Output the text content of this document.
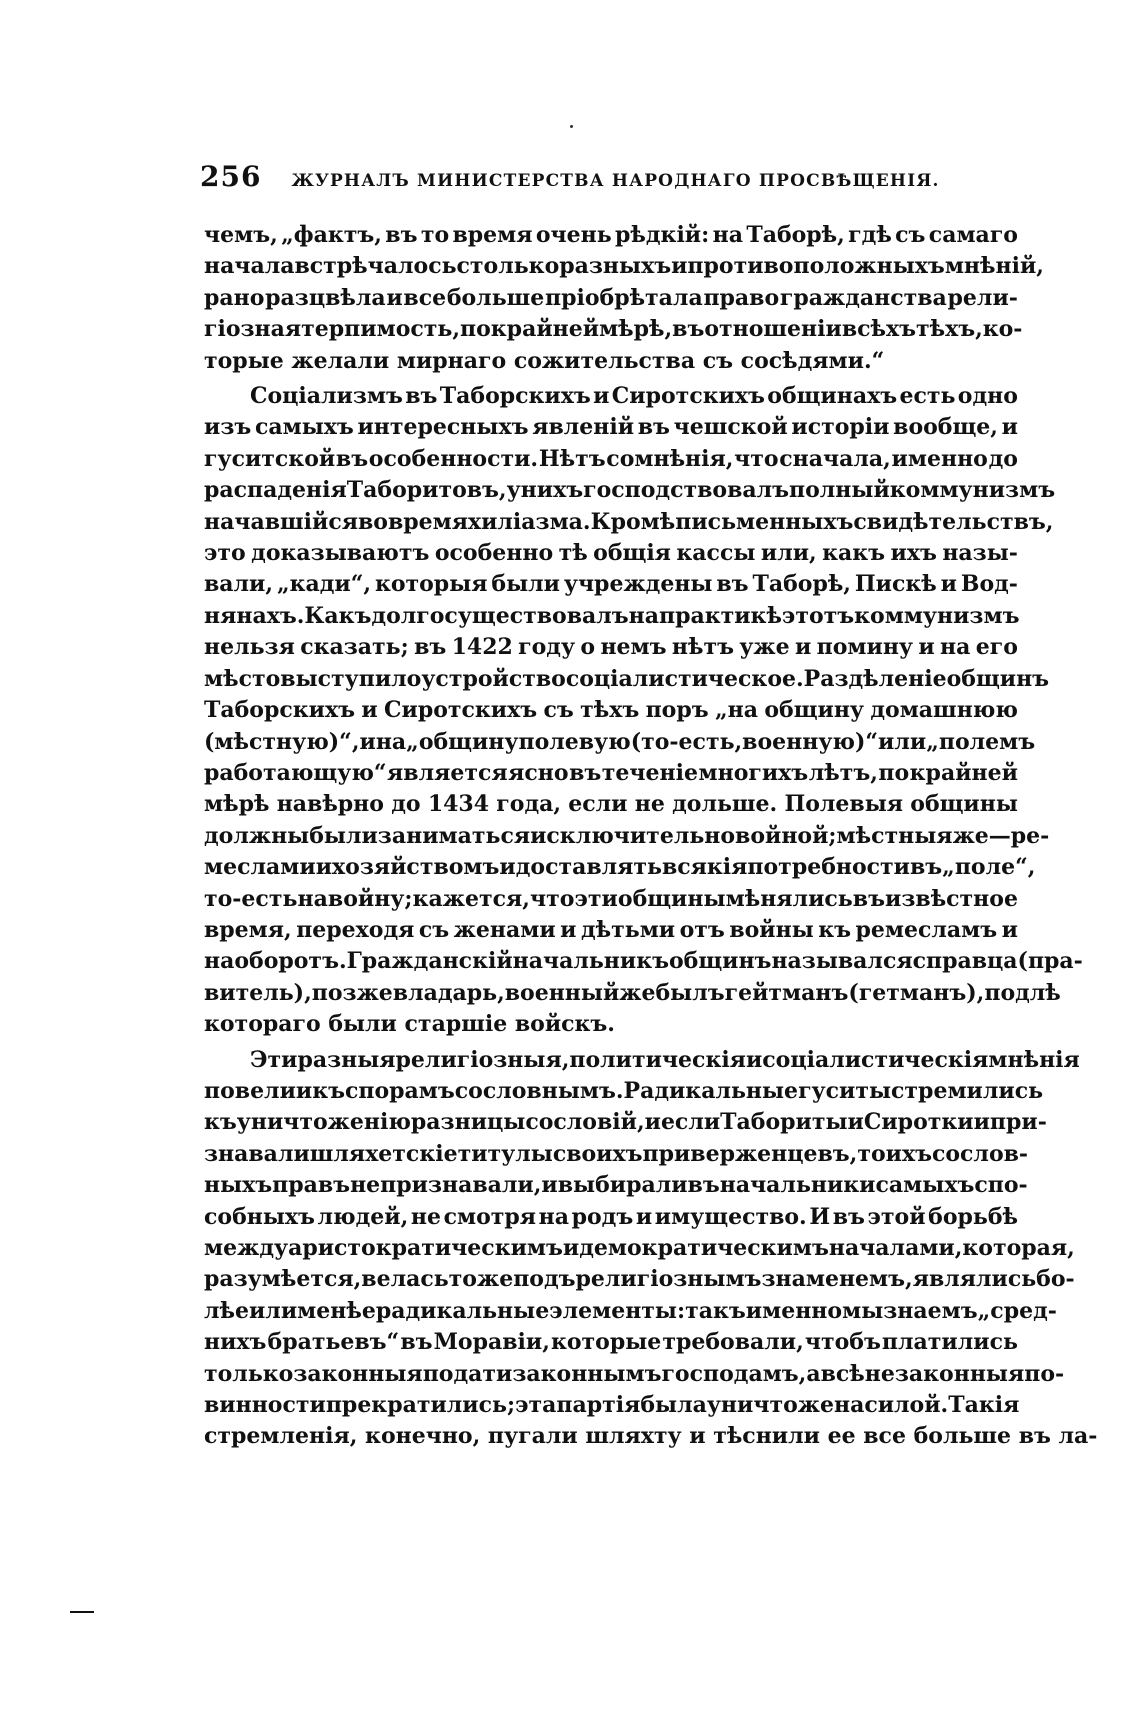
256 ЖУРНАЛЪ МИНИСТЕРСТВА НАРОДНАГО ПРОСВѢЩЕНІЯ.
чемъ, „фактъ, въ то время очень рѣдкій: на Таборѣ, гдѣ съ самаго
начала встрѣчалось столько разныхъ и противоположныхъ мнѣній,
рано разцвѣла и все больше пріобрѣтала право гражданства рели-
гіозная терпимость, по крайней мѣрѣ, въ отношеніи всѣхъ тѣхъ, ко-
торые желали мирнаго сожительства съ сосѣдями.“
Соціализмъ въ Таборскихъ и Сиротскихъ общинахъ есть одно
изъ самыхъ интересныхъ явленій въ чешской исторіи вообще, и
гуситской въ особенности. Нѣтъ сомнѣнія, что сначала, именно до
распаденія Таборитовъ, у нихъ господствовалъ полный коммунизмъ
начавшійся во время хиліазма. Кромѣ письменныхъ свидѣтельствъ,
это доказываютъ особенно тѣ общія кассы или, какъ ихъ назы-
вали, „кади“, которыя были учреждены въ Таборѣ, Пискѣ и Вод-
нянахъ. Какъ долго существовалъ на практикѣ этотъ коммунизмъ
нельзя сказать; въ 1422 году о немъ нѣтъ уже и помину и на его
мѣсто выступило устройство соціалистическое. Раздѣленіе общинъ
Таборскихъ и Сиротскихъ съ тѣхъ поръ „на общину домашнюю
(мѣстную)“, и на „общину полевую (то-есть, военную)“ или „полемъ
работающую“ является ясно въ теченіе многихъ лѣтъ, по крайней
мѣрѣ навѣрно до 1434 года, если не дольше. Полевыя общины
должны были заниматься исключительно войной; мѣстныя же — ре-
меслами и хозяйствомъ и доставлять всякія потребности въ „поле“,
то-есть на войну; кажется, что эти общины мѣнялись въ извѣстное
время, переходя съ женами и дѣтьми отъ войны къ ремесламъ и
наоборотъ. Гражданскій начальникъ общинъ назывался справца (пра-
витель), позже владарь, военный же былъ гейтманъ (гетманъ), подлѣ
котораго были старшіе войскъ.
Эти разныя религіозныя, политическія и соціалистическія мнѣнія
повели и къ спорамъ сословнымъ. Радикальные гуситы стремились
къ уничтоженію разницы сословій, и если Табориты и Сиротки и при-
знавали шляхетскіе титулы своихъ приверженцевъ, то ихъ сослов-
ныхъ правъ не признавали, и выбирали въ начальники самыхъ спо-
собныхъ людей, не смотря на родъ и имущество. И въ этой борьбѣ
между аристократическимъ и демократическимъ началами, которая,
разумѣется, велась тоже подъ религіознымъ знаменемъ, являлись бо-
лѣе или менѣе радикальные элементы: такъ именно мы знаемъ „сред-
нихъ братьевъ“ въ Моравіи, которые требовали, чтобъ платились
только законныя подати законнымъ господамъ, а всѣ незаконныя по-
винности прекратились; эта партія была уничтожена силой. Такія
стремленія, конечно, пугали шляхту и тѣснили ее все больше въ ла-
